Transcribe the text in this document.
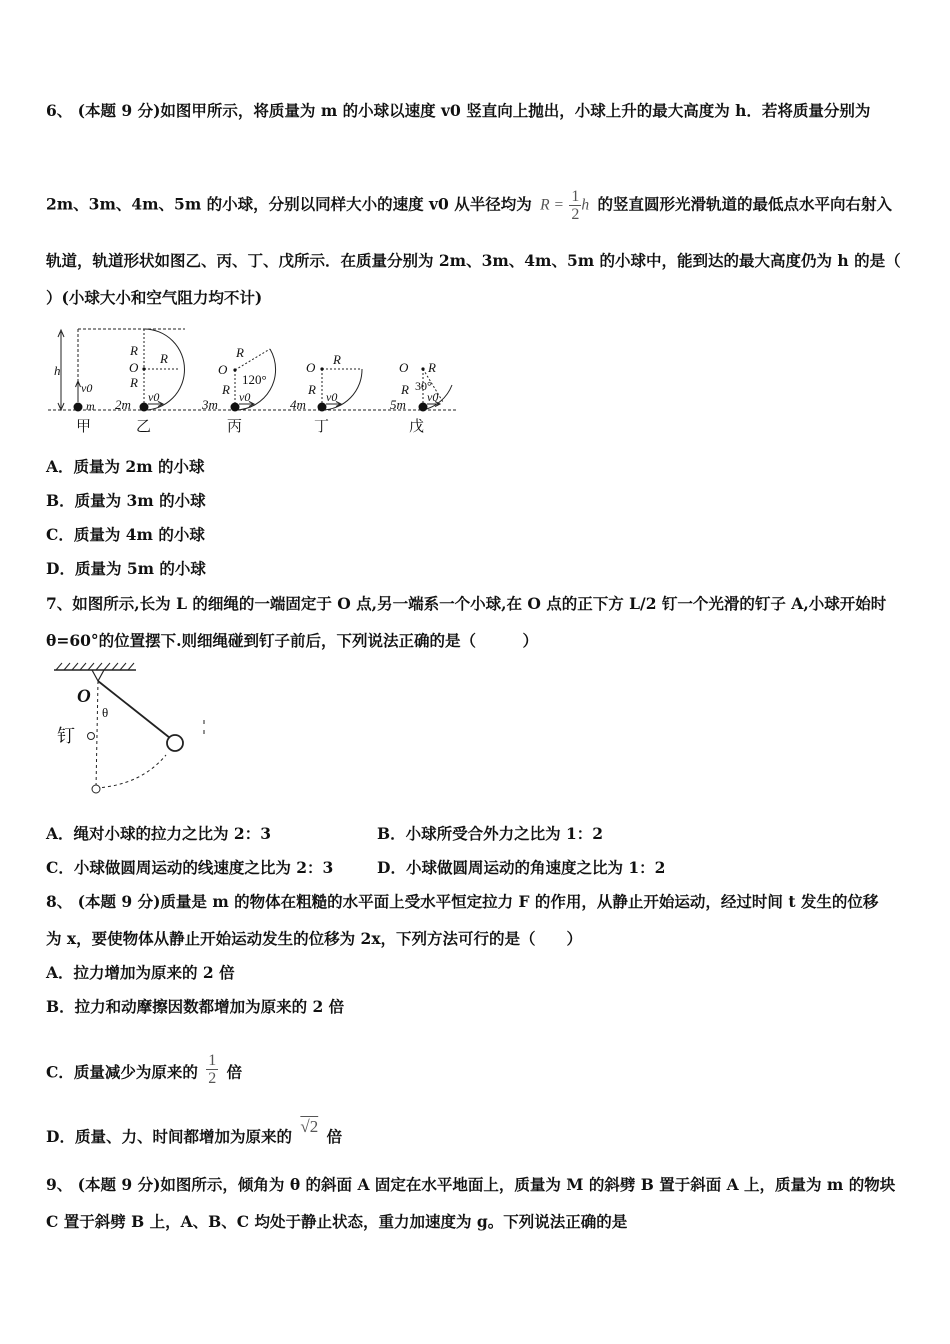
6、 (本题 9 分)如图甲所示，将质量为 m 的小球以速度 v0 竖直向上抛出，小球上升的最大高度为 h．若将质量分别为
2m、3m、4m、5m 的小球，分别以同样大小的速度 v0 从半径均为 $R = \frac{1}{2}$ h 的竖直圆形光滑轨道的最低点水平向右射入
轨道，轨道形状如图乙、丙、丁、戊所示．在质量分别为 2m、3m、4m、5m 的小球中，能到达的最大高度仍为 h 的是（
）(小球大小和空气阻力均不计)
h
v0
m
R
O
R
R
2m v0
R
O
120°
R
3m v0
O
R
R
4m v0
O R
30°
R
5m v0
甲	乙	丙	丁	戊
A．质量为 2m 的小球
B．质量为 3m 的小球
C．质量为 4m 的小球
D．质量为 5m 的小球
7、如图所示,长为 L 的细绳的一端固定于 O 点,另一端系一个小球,在 O 点的正下方 L/2 钉一个光滑的钉子 A,小球开始时
θ=60°的位置摆下.则细绳碰到钉子前后，下列说法正确的是（　　　）
O
θ
钉
A．绳对小球的拉力之比为 2：3	B．小球所受合外力之比为 1：2
C．小球做圆周运动的线速度之比为 2：3	D．小球做圆周运动的角速度之比为 1：2
8、 (本题 9 分)质量是 m 的物体在粗糙的水平面上受水平恒定拉力 F 的作用，从静止开始运动，经过时间 t 发生的位移
为 x，要使物体从静止开始运动发生的位移为 2x，下列方法可行的是（　　）
A．拉力增加为原来的 2 倍
B．拉力和动摩擦因数都增加为原来的 2 倍
C．质量减少为原来的 $\frac{1}{2}$ 倍
D．质量、力、时间都增加为原来的 √2 倍
9、 (本题 9 分)如图所示，倾角为 θ 的斜面 A 固定在水平地面上，质量为 M 的斜劈 B 置于斜面 A 上，质量为 m 的物块
C 置于斜劈 B 上，A、B、C 均处于静止状态，重力加速度为 g。下列说法正确的是
